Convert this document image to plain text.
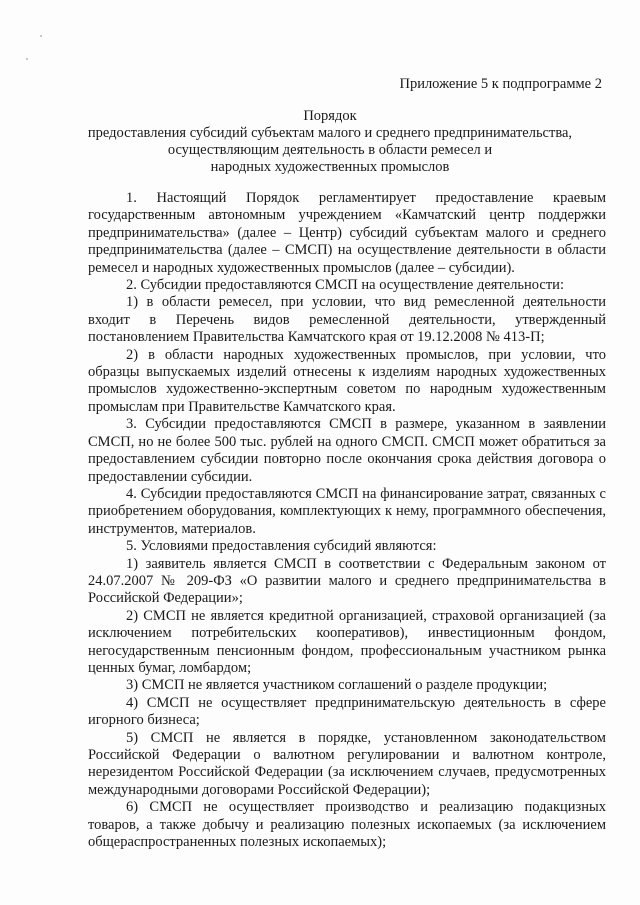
Приложение 5 к подпрограмме 2
Порядок
предоставления субсидий субъектам малого и среднего предпринимательства,
осуществляющим деятельность в области ремесел и
народных художественных промыслов

1. Настоящий Порядок регламентирует предоставление краевым государственным автономным учреждением «Камчатский центр поддержки предпринимательства» (далее – Центр) субсидий субъектам малого и среднего предпринимательства (далее – СМСП) на осуществление деятельности в области ремесел и народных художественных промыслов (далее – субсидии).

2. Субсидии предоставляются СМСП на осуществление деятельности:

1) в области ремесел, при условии, что вид ремесленной деятельности входит в Перечень видов ремесленной деятельности, утвержденный постановлением Правительства Камчатского края от 19.12.2008 № 413-П;

2) в области народных художественных промыслов, при условии, что образцы выпускаемых изделий отнесены к изделиям народных художественных промыслов художественно-экспертным советом по народным художественным промыслам при Правительстве Камчатского края.

3. Субсидии предоставляются СМСП в размере, указанном в заявлении СМСП, но не более 500 тыс. рублей на одного СМСП. СМСП может обратиться за предоставлением субсидии повторно после окончания срока действия договора о предоставлении субсидии.

4. Субсидии предоставляются СМСП на финансирование затрат, связанных с приобретением оборудования, комплектующих к нему, программного обеспечения, инструментов, материалов.

5. Условиями предоставления субсидий являются:

1) заявитель является СМСП в соответствии с Федеральным законом от 24.07.2007 № 209-ФЗ «О развитии малого и среднего предпринимательства в Российской Федерации»;

2) СМСП не является кредитной организацией, страховой организацией (за исключением потребительских кооперативов), инвестиционным фондом, негосударственным пенсионным фондом, профессиональным участником рынка ценных бумаг, ломбардом;

3) СМСП не является участником соглашений о разделе продукции;

4) СМСП не осуществляет предпринимательскую деятельность в сфере игорного бизнеса;

5) СМСП не является в порядке, установленном законодательством Российской Федерации о валютном регулировании и валютном контроле, нерезидентом Российской Федерации (за исключением случаев, предусмотренных международными договорами Российской Федерации);

6) СМСП не осуществляет производство и реализацию подакцизных товаров, а также добычу и реализацию полезных ископаемых (за исключением общераспространенных полезных ископаемых);
